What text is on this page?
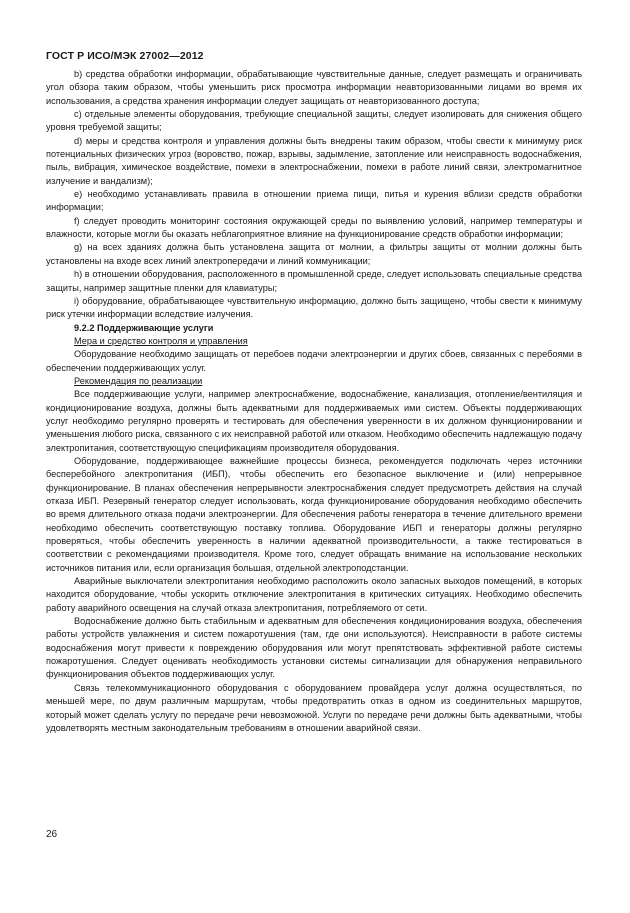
ГОСТ Р ИСО/МЭК 27002—2012

b) средства обработки информации, обрабатывающие чувствительные данные, следует размещать и ограничивать угол обзора таким образом, чтобы уменьшить риск просмотра информации неавторизованными лицами во время их использования, а средства хранения информации следует защищать от неавторизованного доступа;

c) отдельные элементы оборудования, требующие специальной защиты, следует изолировать для снижения общего уровня требуемой защиты;

d) меры и средства контроля и управления должны быть внедрены таким образом, чтобы свести к минимуму риск потенциальных физических угроз (воровство, пожар, взрывы, задымление, затопление или неисправность водоснабжения, пыль, вибрация, химическое воздействие, помехи в электроснабжении, помехи в работе линий связи, электромагнитное излучение и вандализм);

e) необходимо устанавливать правила в отношении приема пищи, питья и курения вблизи средств обработки информации;

f) следует проводить мониторинг состояния окружающей среды по выявлению условий, например температуры и влажности, которые могли бы оказать неблагоприятное влияние на функционирование средств обработки информации;

g) на всех зданиях должна быть установлена защита от молнии, а фильтры защиты от молнии должны быть установлены на входе всех линий электропередачи и линий коммуникации;

h) в отношении оборудования, расположенного в промышленной среде, следует использовать специальные средства защиты, например защитные пленки для клавиатуры;

i) оборудование, обрабатывающее чувствительную информацию, должно быть защищено, чтобы свести к минимуму риск утечки информации вследствие излучения.

9.2.2 Поддерживающие услуги

Мера и средство контроля и управления

Оборудование необходимо защищать от перебоев подачи электроэнергии и других сбоев, связанных с перебоями в обеспечении поддерживающих услуг.

Рекомендация по реализации

Все поддерживающие услуги, например электроснабжение, водоснабжение, канализация, отопление/вентиляция и кондиционирование воздуха, должны быть адекватными для поддерживаемых ими систем. Объекты поддерживающих услуг необходимо регулярно проверять и тестировать для обеспечения уверенности в их должном функционировании и уменьшения любого риска, связанного с их неисправной работой или отказом. Необходимо обеспечить надлежащую подачу электропитания, соответствующую спецификациям производителя оборудования.

Оборудование, поддерживающее важнейшие процессы бизнеса, рекомендуется подключать через источники бесперебойного электропитания (ИБП), чтобы обеспечить его безопасное выключение и (или) непрерывное функционирование. В планах обеспечения непрерывности электроснабжения следует предусмотреть действия на случай отказа ИБП. Резервный генератор следует использовать, когда функционирование оборудования необходимо обеспечить во время длительного отказа подачи электроэнергии. Для обеспечения работы генератора в течение длительного времени необходимо обеспечить соответствующую поставку топлива. Оборудование ИБП и генераторы должны регулярно проверяться, чтобы обеспечить уверенность в наличии адекватной производительности, а также тестироваться в соответствии с рекомендациями производителя. Кроме того, следует обращать внимание на использование нескольких источников питания или, если организация большая, отдельной электроподстанции.

Аварийные выключатели электропитания необходимо расположить около запасных выходов помещений, в которых находится оборудование, чтобы ускорить отключение электропитания в критических ситуациях. Необходимо обеспечить работу аварийного освещения на случай отказа электропитания, потребляемого от сети.

Водоснабжение должно быть стабильным и адекватным для обеспечения кондиционирования воздуха, обеспечения работы устройств увлажнения и систем пожаротушения (там, где они используются). Неисправности в работе системы водоснабжения могут привести к повреждению оборудования или могут препятствовать эффективной работе системы пожаротушения. Следует оценивать необходимость установки системы сигнализации для обнаружения неправильного функционирования объектов поддерживающих услуг.

Связь телекоммуникационного оборудования с оборудованием провайдера услуг должна осуществляться, по меньшей мере, по двум различным маршрутам, чтобы предотвратить отказ в одном из соединительных маршрутов, который может сделать услугу по передаче речи невозможной. Услуги по передаче речи должны быть адекватными, чтобы удовлетворять местным законодательным требованиям в отношении аварийной связи.

26
